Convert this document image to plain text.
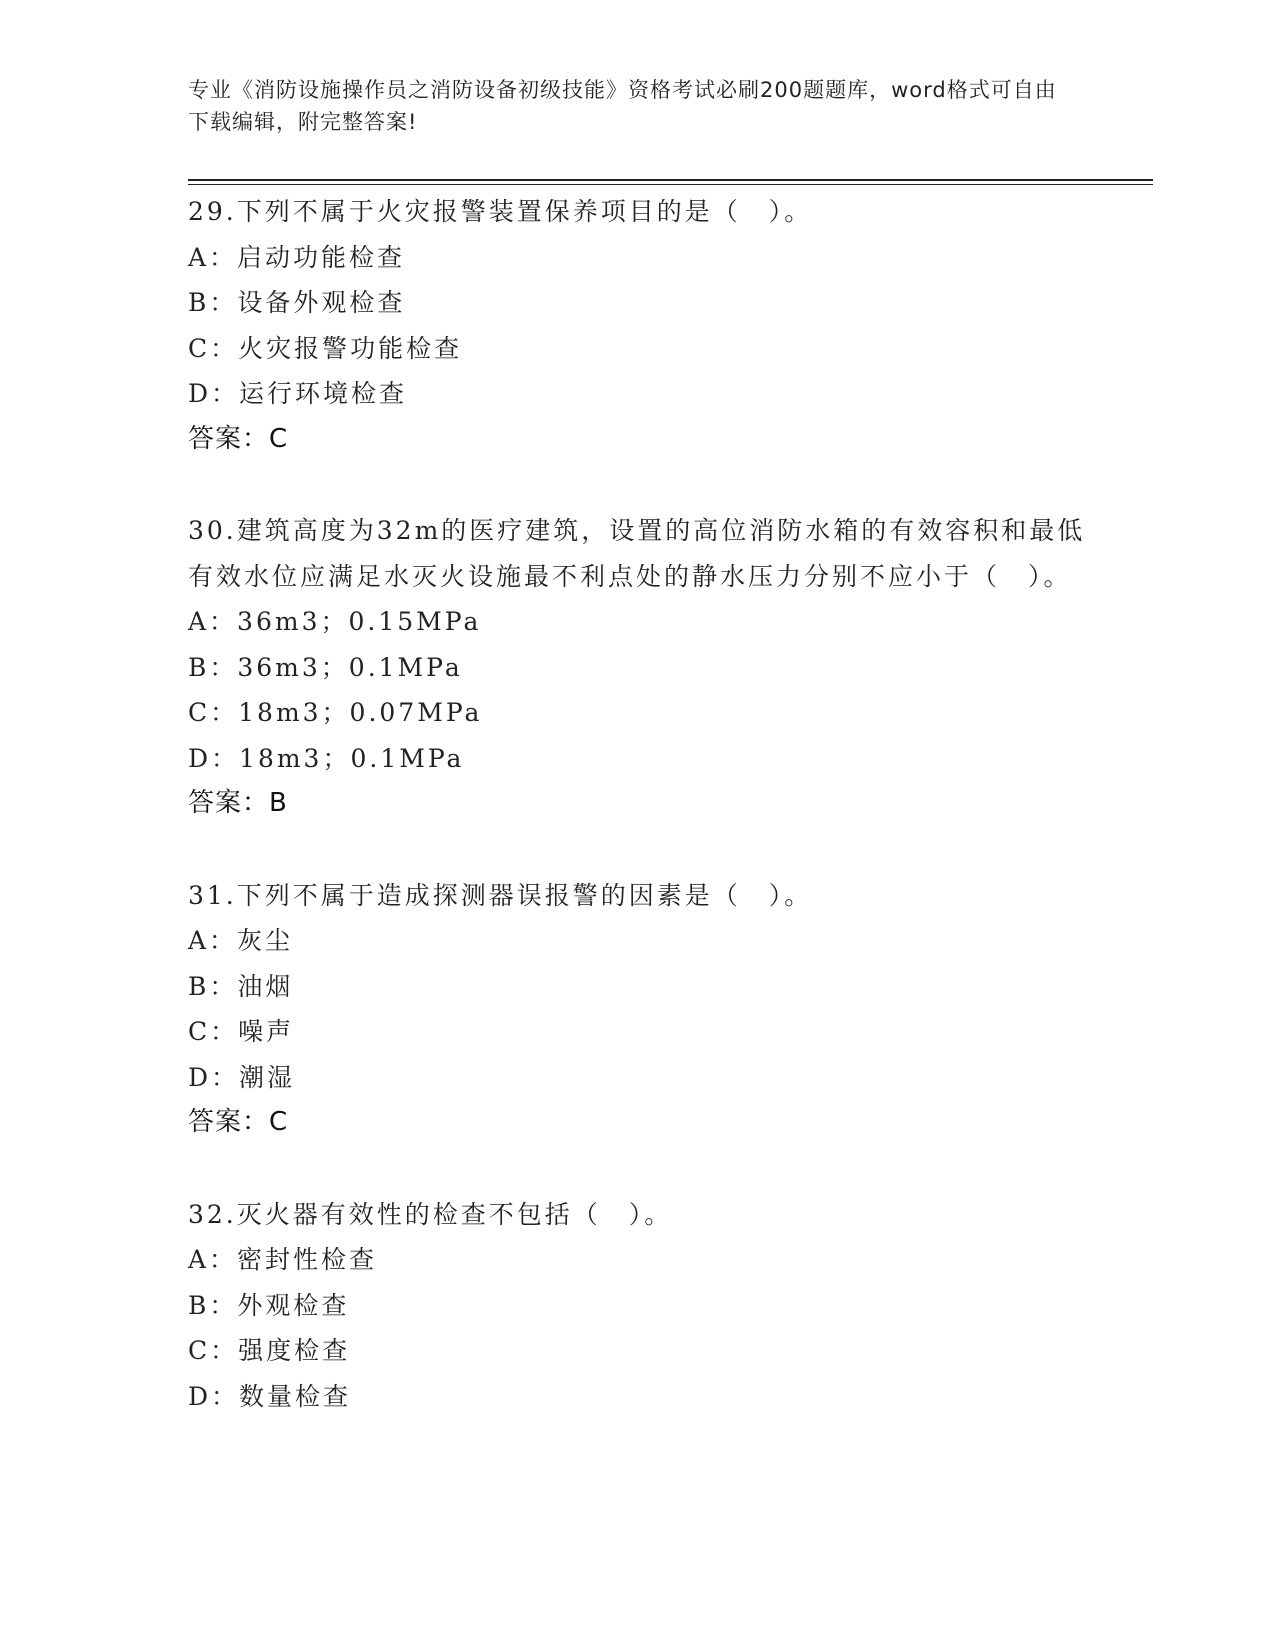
专业《消防设施操作员之消防设备初级技能》资格考试必刷200题题库，word格式可自由下载编辑，附完整答案!
29.下列不属于火灾报警装置保养项目的是（　）。
A：启动功能检查
B：设备外观检查
C：火灾报警功能检查
D：运行环境检查
答案：C
30.建筑高度为32m的医疗建筑，设置的高位消防水箱的有效容积和最低有效水位应满足水灭火设施最不利点处的静水压力分别不应小于（　）。
A：36m3；0.15MPa
B：36m3；0.1MPa
C：18m3；0.07MPa
D：18m3；0.1MPa
答案：B
31.下列不属于造成探测器误报警的因素是（　）。
A：灰尘
B：油烟
C：噪声
D：潮湿
答案：C
32.灭火器有效性的检查不包括（　）。
A：密封性检查
B：外观检查
C：强度检查
D：数量检查
